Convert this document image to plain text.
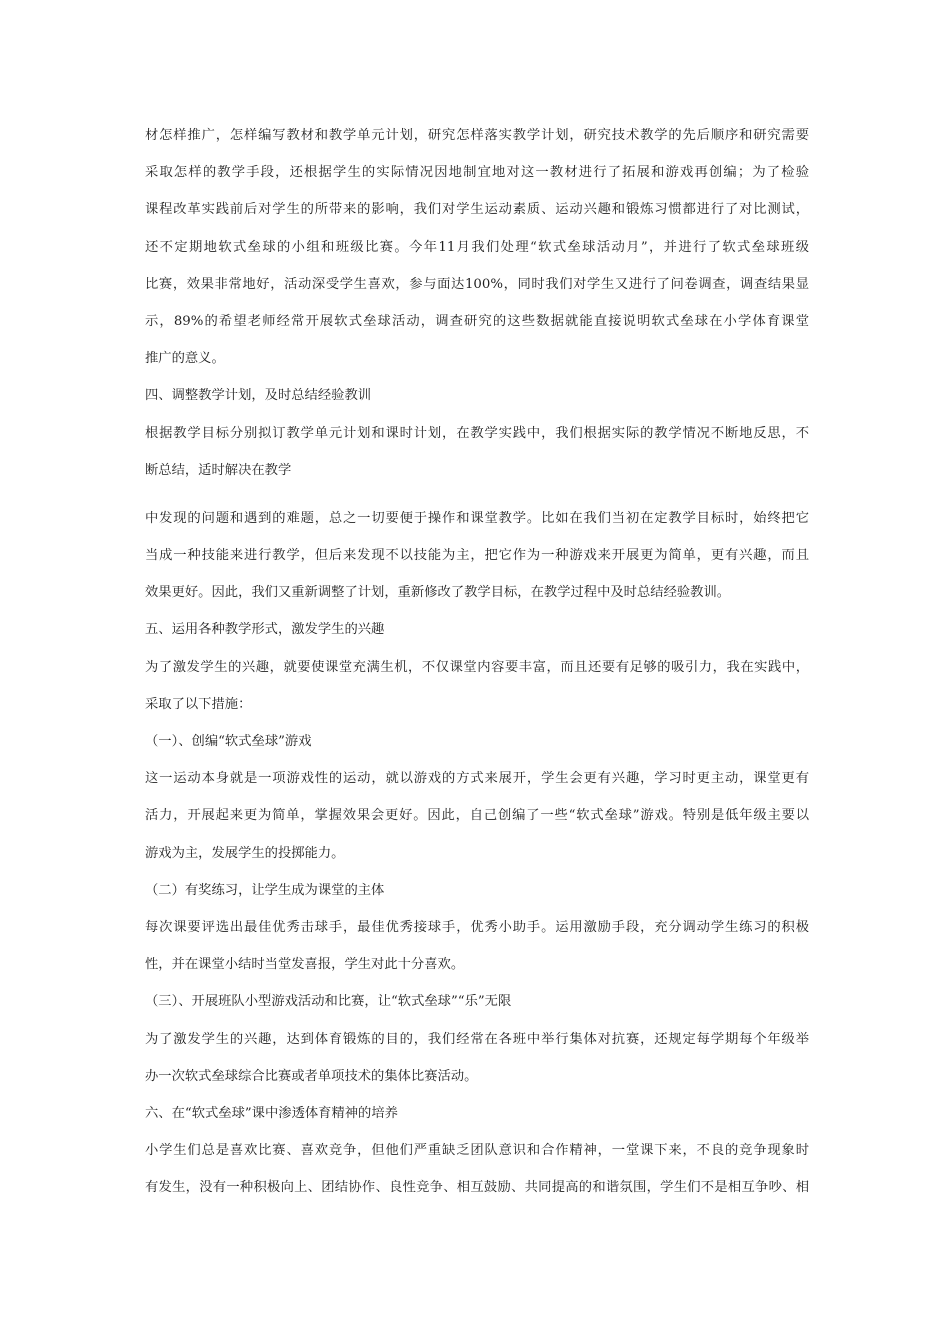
材怎样推广，怎样编写教材和教学单元计划，研究怎样落实教学计划，研究技术教学的先后顺序和研究需要
采取怎样的教学手段，还根据学生的实际情况因地制宜地对这一教材进行了拓展和游戏再创编；为了检验
课程改革实践前后对学生的所带来的影响，我们对学生运动素质、运动兴趣和锻炼习惯都进行了对比测试，
还不定期地软式垒球的小组和班级比赛。今年11月我们处理“软式垒球活动月”，并进行了软式垒球班级
比赛，效果非常地好，活动深受学生喜欢，参与面达100%，同时我们对学生又进行了问卷调查，调查结果显
示，89%的希望老师经常开展软式垒球活动，调查研究的这些数据就能直接说明软式垒球在小学体育课堂
推广的意义。
四、调整教学计划，及时总结经验教训
根据教学目标分别拟订教学单元计划和课时计划，在教学实践中，我们根据实际的教学情况不断地反思，不
断总结，适时解决在教学
中发现的问题和遇到的难题，总之一切要便于操作和课堂教学。比如在我们当初在定教学目标时，始终把它
当成一种技能来进行教学，但后来发现不以技能为主，把它作为一种游戏来开展更为简单，更有兴趣，而且
效果更好。因此，我们又重新调整了计划，重新修改了教学目标，在教学过程中及时总结经验教训。
五、运用各种教学形式，激发学生的兴趣
为了激发学生的兴趣，就要使课堂充满生机，不仅课堂内容要丰富，而且还要有足够的吸引力，我在实践中，
采取了以下措施：
（一）、创编“软式垒球”游戏
这一运动本身就是一项游戏性的运动，就以游戏的方式来展开，学生会更有兴趣，学习时更主动，课堂更有
活力，开展起来更为简单，掌握效果会更好。因此，自己创编了一些“软式垒球”游戏。特别是低年级主要以
游戏为主，发展学生的投掷能力。
（二）有奖练习，让学生成为课堂的主体
每次课要评选出最佳优秀击球手，最佳优秀接球手，优秀小助手。运用激励手段，充分调动学生练习的积极
性，并在课堂小结时当堂发喜报，学生对此十分喜欢。
（三）、开展班队小型游戏活动和比赛，让“软式垒球”“乐”无限
为了激发学生的兴趣，达到体育锻炼的目的，我们经常在各班中举行集体对抗赛，还规定每学期每个年级举
办一次软式垒球综合比赛或者单项技术的集体比赛活动。
六、在“软式垒球”课中渗透体育精神的培养
小学生们总是喜欢比赛、喜欢竞争，但他们严重缺乏团队意识和合作精神，一堂课下来，不良的竞争现象时
有发生，没有一种积极向上、团结协作、良性竞争、相互鼓励、共同提高的和谐氛围，学生们不是相互争吵、相
